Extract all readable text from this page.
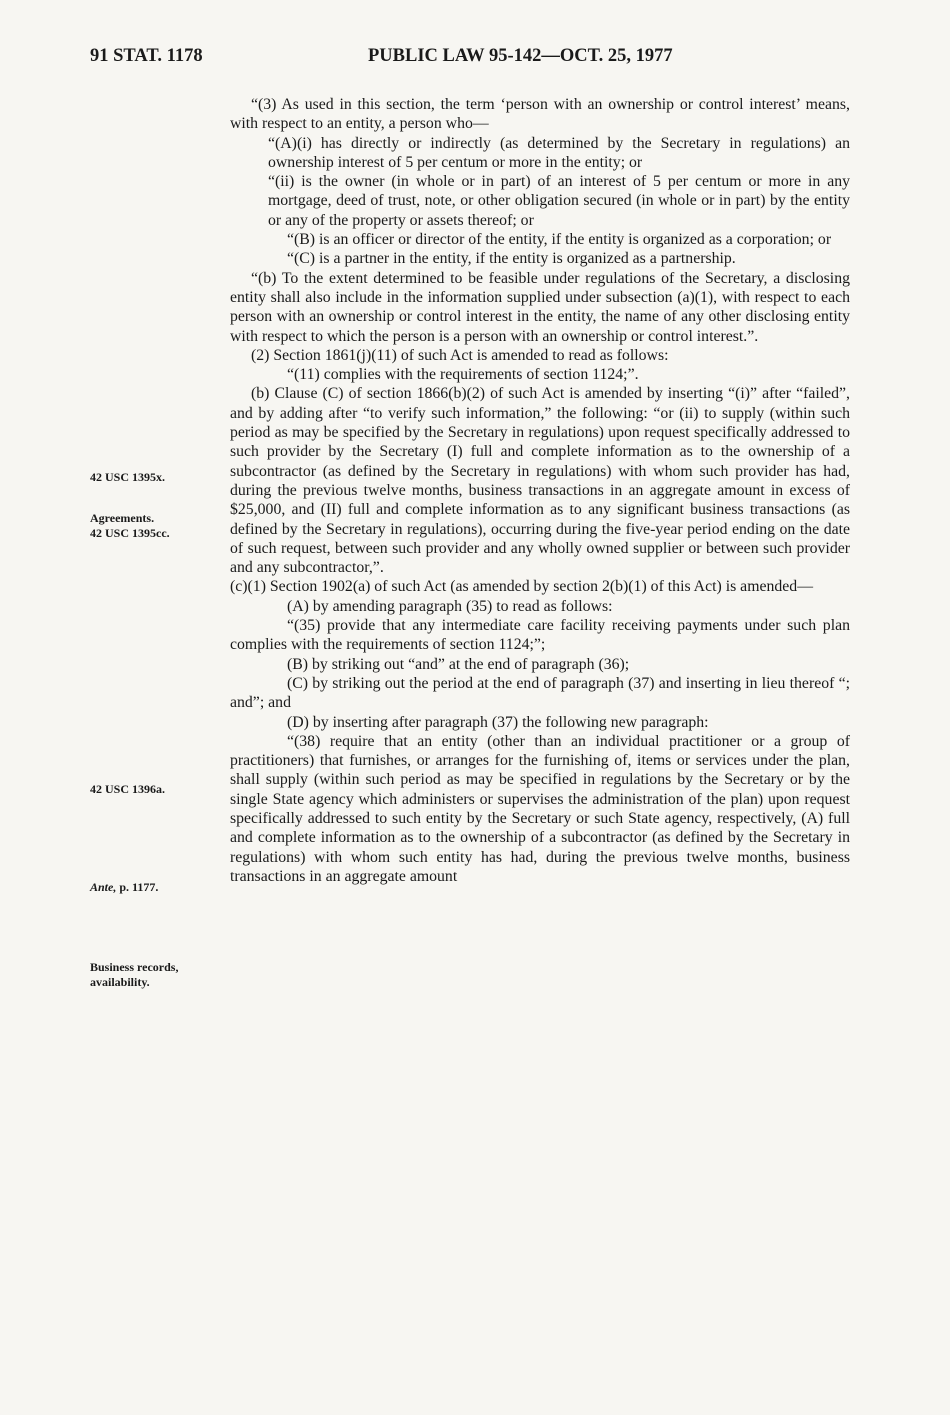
91 STAT. 1178	PUBLIC LAW 95-142—OCT. 25, 1977
42 USC 1395x.
Agreements.
42 USC 1395cc.
42 USC 1396a.
Ante, p. 1177.
Business records,
availability.

“(3) As used in this section, the term ‘person with an ownership or control interest’ means, with respect to an entity, a person who—

“(A)(i) has directly or indirectly (as determined by the Secretary in regulations) an ownership interest of 5 per centum or more in the entity; or

“(ii) is the owner (in whole or in part) of an interest of 5 per centum or more in any mortgage, deed of trust, note, or other obligation secured (in whole or in part) by the entity or any of the property or assets thereof; or

“(B) is an officer or director of the entity, if the entity is organized as a corporation; or

“(C) is a partner in the entity, if the entity is organized as a partnership.

“(b) To the extent determined to be feasible under regulations of the Secretary, a disclosing entity shall also include in the information supplied under subsection (a)(1), with respect to each person with an ownership or control interest in the entity, the name of any other disclosing entity with respect to which the person is a person with an ownership or control interest.”.

(2) Section 1861(j)(11) of such Act is amended to read as follows:

“(11) complies with the requirements of section 1124;”.

(b) Clause (C) of section 1866(b)(2) of such Act is amended by inserting “(i)” after “failed”, and by adding after “to verify such information,” the following: “or (ii) to supply (within such period as may be specified by the Secretary in regulations) upon request specifically addressed to such provider by the Secretary (I) full and complete information as to the ownership of a subcontractor (as defined by the Secretary in regulations) with whom such provider has had, during the previous twelve months, business transactions in an aggregate amount in excess of $25,000, and (II) full and complete information as to any significant business transactions (as defined by the Secretary in regulations), occurring during the five-year period ending on the date of such request, between such provider and any wholly owned supplier or between such provider and any subcontractor,”.

(c)(1) Section 1902(a) of such Act (as amended by section 2(b)(1) of this Act) is amended—

(A) by amending paragraph (35) to read as follows:

“(35) provide that any intermediate care facility receiving payments under such plan complies with the requirements of section 1124;”;

(B) by striking out “and” at the end of paragraph (36);

(C) by striking out the period at the end of paragraph (37) and inserting in lieu thereof “; and”; and

(D) by inserting after paragraph (37) the following new paragraph:

“(38) require that an entity (other than an individual practitioner or a group of practitioners) that furnishes, or arranges for the furnishing of, items or services under the plan, shall supply (within such period as may be specified in regulations by the Secretary or by the single State agency which administers or supervises the administration of the plan) upon request specifically addressed to such entity by the Secretary or such State agency, respectively, (A) full and complete information as to the ownership of a subcontractor (as defined by the Secretary in regulations) with whom such entity has had, during the previous twelve months, business transactions in an aggregate amount
